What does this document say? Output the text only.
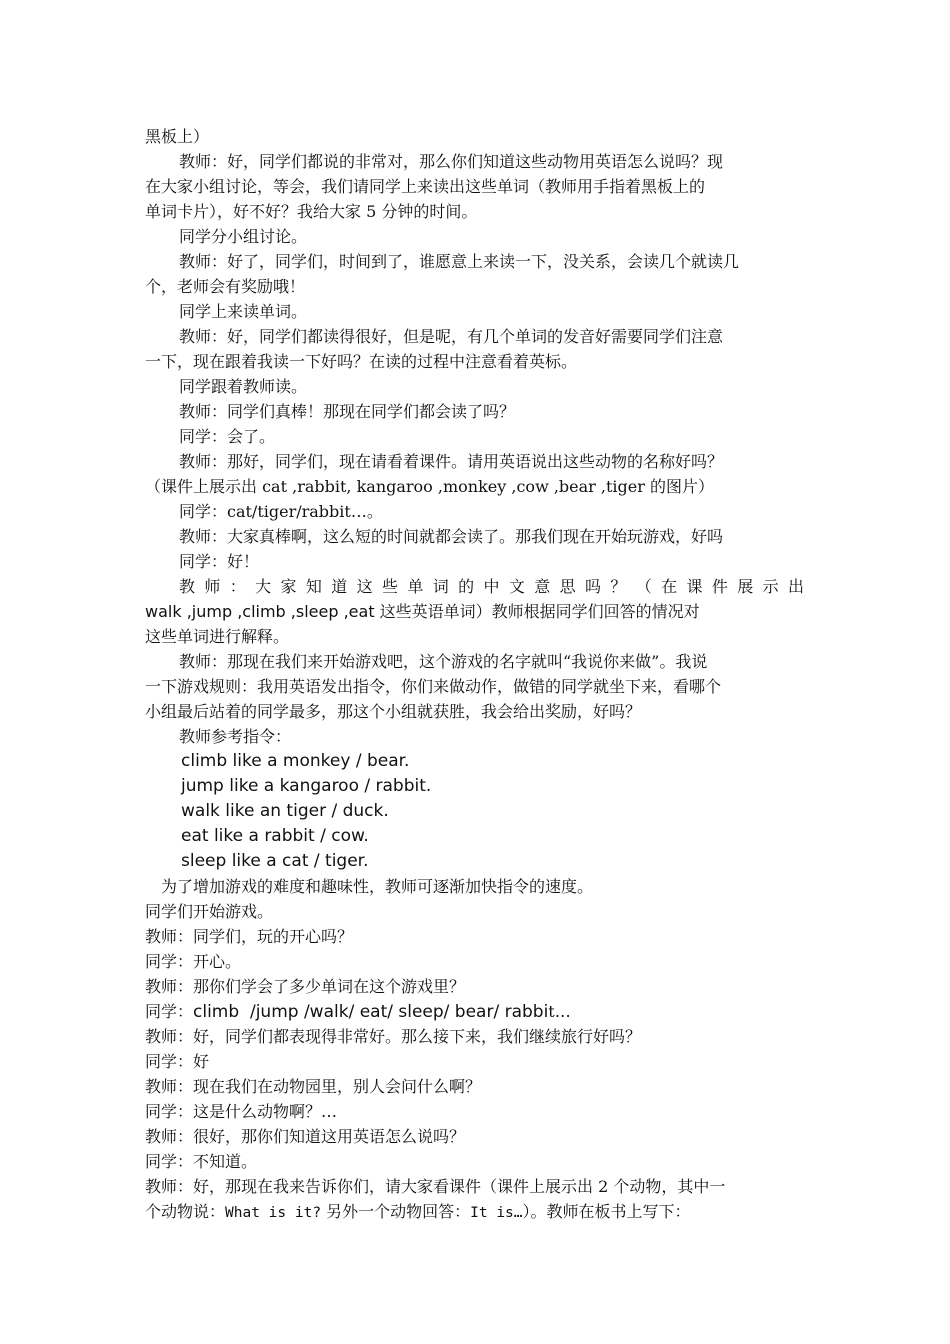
黑板上）
教师：好，同学们都说的非常对，那么你们知道这些动物用英语怎么说吗？现
在大家小组讨论，等会，我们请同学上来读出这些单词（教师用手指着黑板上的
单词卡片），好不好？我给大家 5 分钟的时间。
同学分小组讨论。
教师：好了，同学们，时间到了，谁愿意上来读一下，没关系，会读几个就读几
个，老师会有奖励哦！
同学上来读单词。
教师：好，同学们都读得很好，但是呢，有几个单词的发音好需要同学们注意
一下，现在跟着我读一下好吗？在读的过程中注意看着英标。
同学跟着教师读。
教师：同学们真棒！那现在同学们都会读了吗？
同学：会了。
教师：那好，同学们，现在请看着课件。请用英语说出这些动物的名称好吗？
（课件上展示出 cat ,rabbit, kangaroo ,monkey ,cow ,bear ,tiger 的图片）
同学：cat/tiger/rabbit…。
教师：大家真棒啊，这么短的时间就都会读了。那我们现在开始玩游戏，好吗
同学：好！
教师：大家知道这些单词的中文意思吗？（在课件展示出
walk ,jump ,climb ,sleep ,eat 这些英语单词）教师根据同学们回答的情况对
这些单词进行解释。
教师：那现在我们来开始游戏吧，这个游戏的名字就叫“我说你来做”。我说
一下游戏规则：我用英语发出指令，你们来做动作，做错的同学就坐下来，看哪个
小组最后站着的同学最多，那这个小组就获胜，我会给出奖励，好吗？
教师参考指令：
climb like a monkey / bear.
jump like a kangaroo / rabbit.
walk like an tiger / duck.
eat like a rabbit / cow.
sleep like a cat / tiger.
为了增加游戏的难度和趣味性，教师可逐渐加快指令的速度。
同学们开始游戏。
教师：同学们，玩的开心吗？
同学：开心。
教师：那你们学会了多少单词在这个游戏里？
同学：climb  /jump /walk/ eat/ sleep/ bear/ rabbit…
教师：好，同学们都表现得非常好。那么接下来，我们继续旅行好吗？
同学：好
教师：现在我们在动物园里，别人会问什么啊？
同学：这是什么动物啊？…
教师：很好，那你们知道这用英语怎么说吗？
同学：不知道。
教师：好，那现在我来告诉你们，请大家看课件（课件上展示出 2 个动物，其中一
个动物说：What is it? 另外一个动物回答：It is…）。教师在板书上写下：
